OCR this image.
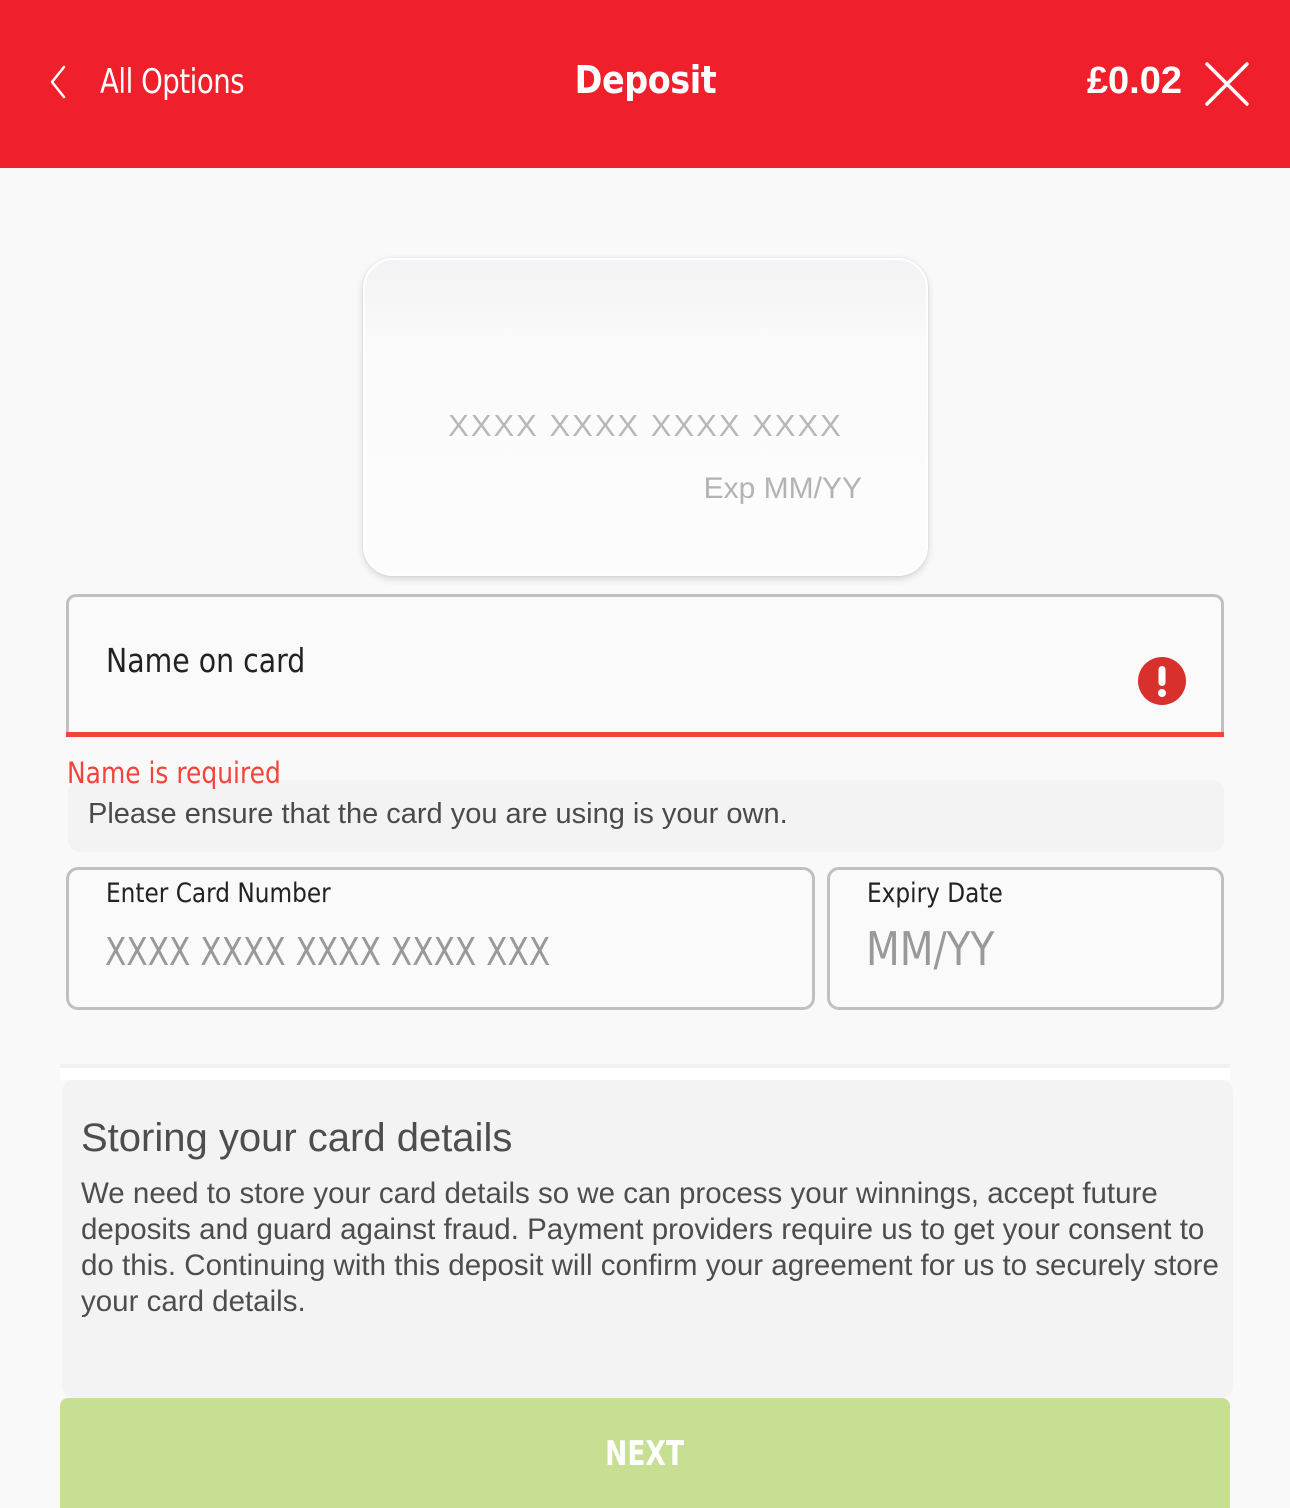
All Options	Deposit	£0.02
XXXX XXXX XXXX XXXX
Exp MM/YY
Name on card
Please ensure that the card you are using is your own.
Name is required
Enter Card Number
XXXX XXXX XXXX XXXX XXX	Expiry Date
MM/YY
Storing your card details
We need to store your card details so we can process your winnings, accept future deposits and guard against fraud. Payment providers require us to get your consent to do this. Continuing with this deposit will confirm your agreement for us to securely store your card details.
NEXT
